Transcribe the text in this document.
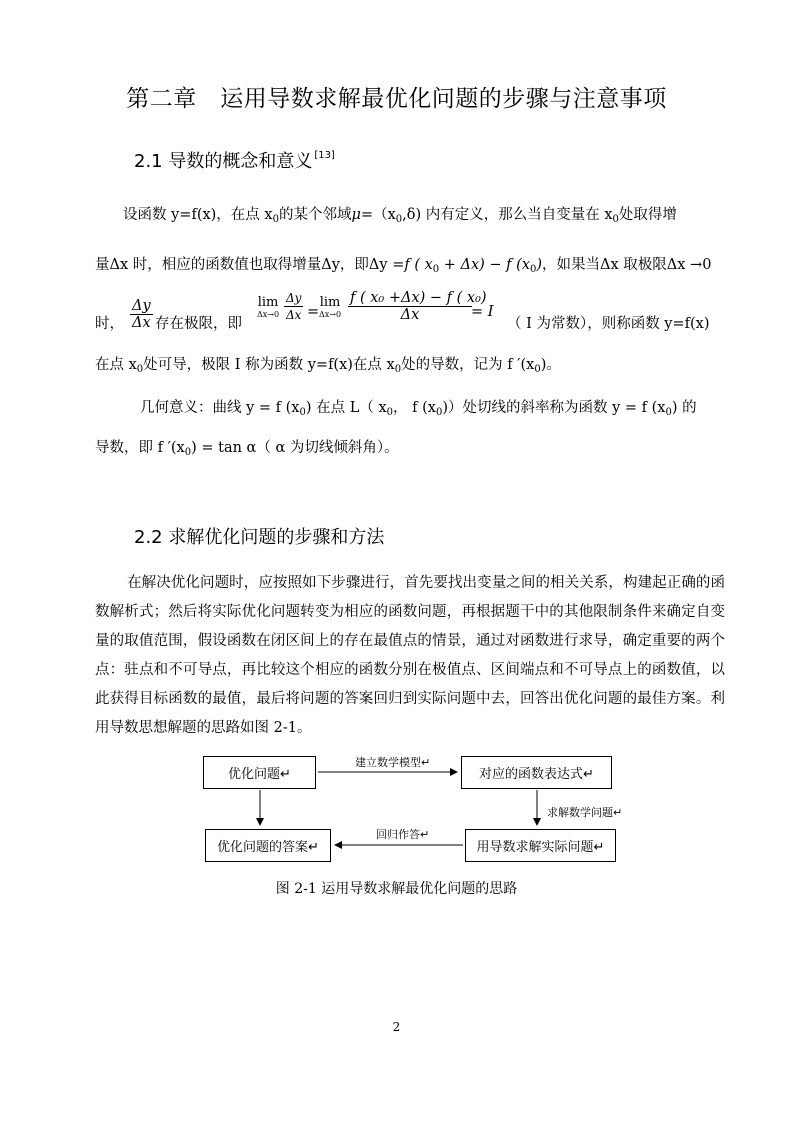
第二章　运用导数求解最优化问题的步骤与注意事项
2.1 导数的概念和意义 [13]
设函数 y=f(x)，在点 $x_0$的某个邻域$\mu=(x_0,\delta)$ 内有定义，那么当自变量在 $x_0$处取得增
量Δx 时，相应的函数值也取得增量Δy，即Δy =f ( $x_0 + \Delta x) - f$ $(x_0)$，如果当Δx 取极限Δx →0
时， $\frac{\Delta y}{\Delta x}$ 存在极限，即
lim
$\Delta x\to 0 \frac{\Delta y}{\Delta x}$ =
lim
$\Delta x\to 0 \frac{\text{f ( x₀ +Δx) − f ( x₀)}}{\Delta x} = I$
（ I 为常数），则称函数 y=f(x)
在点 $x_0$处可导，极限 I 称为函数 y=f(x)在点 $x_0$处的导数，记为 f $'(x_0)$。
几何意义：曲线 y = f $(x_0)$ 在点 L（ $x_0$， f $(x_0)$）处切线的斜率称为函数 y = f $(x_0)$ 的
导数，即 f $'(x_0) = \tan \alpha$（ α 为切线倾斜角）。
2.2 求解优化问题的步骤和方法
在解决优化问题时，应按照如下步骤进行，首先要找出变量之间的相关关系，构建起正确的函数解析式；然后将实际优化问题转变为相应的函数问题，再根据题干中的其他限制条件来确定自变量的取值范围，假设函数在闭区间上的存在最值点的情景，通过对函数进行求导，确定重要的两个点：驻点和不可导点，再比较这个相应的函数分别在极值点、区间端点和不可导点上的函数值，以此获得目标函数的最值，最后将问题的答案回归到实际问题中去，回答出优化问题的最佳方案。利用导数思想解题的思路如图 2-1。
优化问题↵	对应的函数表达式↵
用导数求解实际问题↵
优化问题的答案↵
建立数学模型↵
求解数学问题↵
回归作答↵
图 2-1 运用导数求解最优化问题的思路
2
